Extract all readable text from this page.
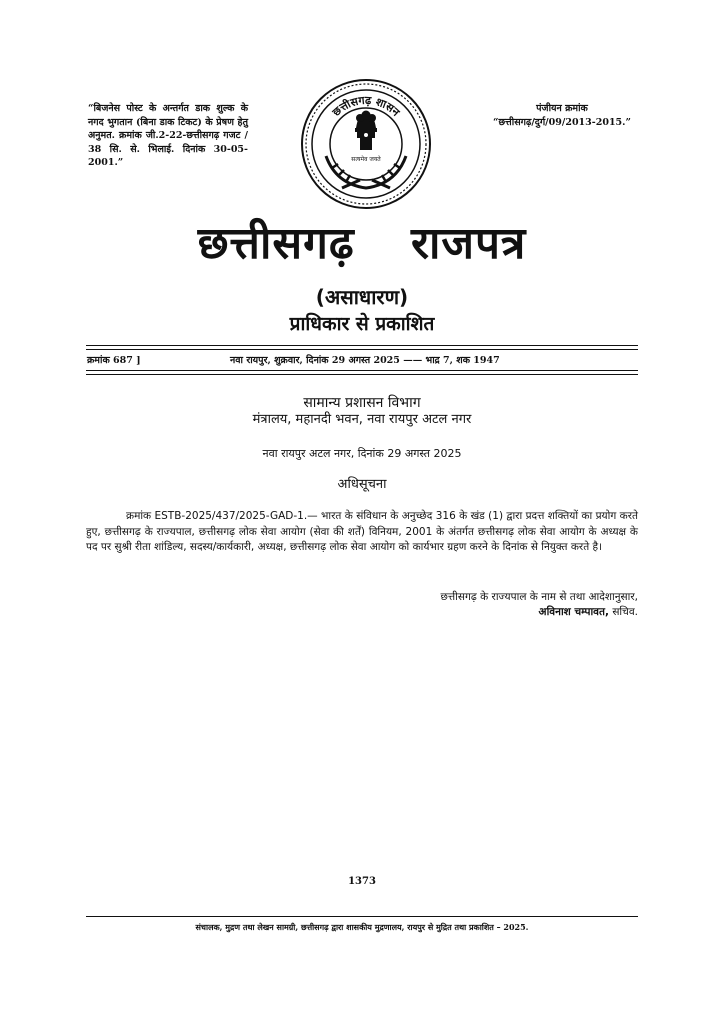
“बिजनेस पोस्ट के अन्तर्गत डाक शुल्क के नगद भुगतान (बिना डाक टिकट) के प्रेषण हेतु अनुमत. क्रमांक जी.2-22-छत्तीसगढ़ गजट / 38 सि. से. भिलाई. दिनांक 30-05-2001.”
पंजीयन क्रमांक
“छत्तीसगढ़/दुर्ग/09/2013-2015.”
छत्तीसगढ़ शासन
सत्यमेव जयते
छत्तीसगढ़ राजपत्र
(असाधारण)
प्राधिकार से प्रकाशित
क्रमांक 687 ]	नवा रायपुर, शुक्रवार, दिनांक 29 अगस्त 2025 —— भाद्र 7, शक 1947
सामान्य प्रशासन विभाग
मंत्रालय, महानदी भवन, नवा रायपुर अटल नगर
नवा रायपुर अटल नगर, दिनांक 29 अगस्त 2025
अधिसूचना
क्रमांक ESTB-2025/437/2025-GAD-1.— भारत के संविधान के अनुच्छेद 316 के खंड (1) द्वारा प्रदत्त शक्तियों का प्रयोग करते हुए, छत्तीसगढ़ के राज्यपाल, छत्तीसगढ़ लोक सेवा आयोग (सेवा की शर्तें) विनियम, 2001 के अंतर्गत छत्तीसगढ़ लोक सेवा आयोग के अध्यक्ष के पद पर सुश्री रीता शांडिल्य, सदस्य/कार्यकारी, अध्यक्ष, छत्तीसगढ़ लोक सेवा आयोग को कार्यभार ग्रहण करने के दिनांक से नियुक्त करते है।
छत्तीसगढ़ के राज्यपाल के नाम से तथा आदेशानुसार,
अविनाश चम्पावत, सचिव.
1373
संचालक, मुद्रण तथा लेखन सामग्री, छत्तीसगढ़ द्वारा शासकीय मुद्रणालय, रायपुर से मुद्रित तथा प्रकाशित – 2025.
